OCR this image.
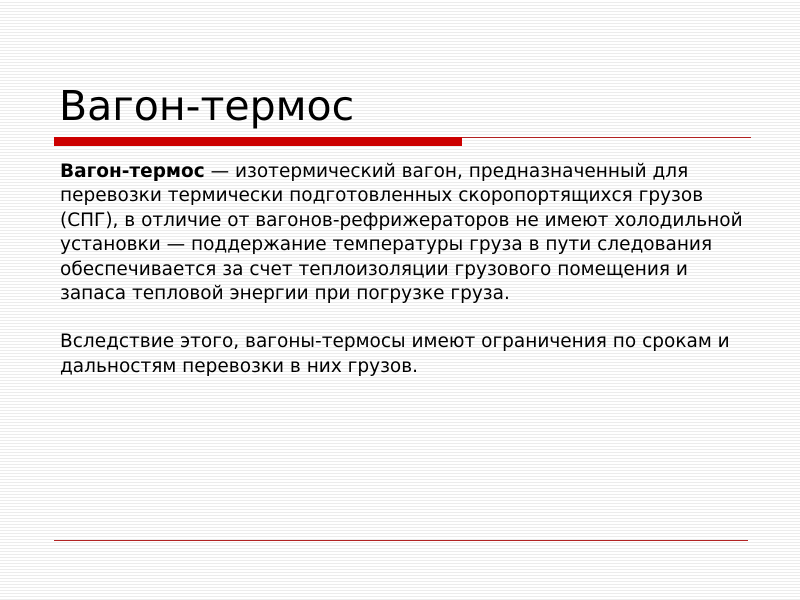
Вагон-термос

Вагон-термос — изотермический вагон, предназначенный для перевозки термически подготовленных скоропортящихся грузов (СПГ), в отличие от вагонов-рефрижераторов не имеют холодильной установки — поддержание температуры груза в пути следования обеспечивается за счет теплоизоляции грузового помещения и запаса тепловой энергии при погрузке груза.

Вследствие этого, вагоны-термосы имеют ограничения по срокам и дальностям перевозки в них грузов.
